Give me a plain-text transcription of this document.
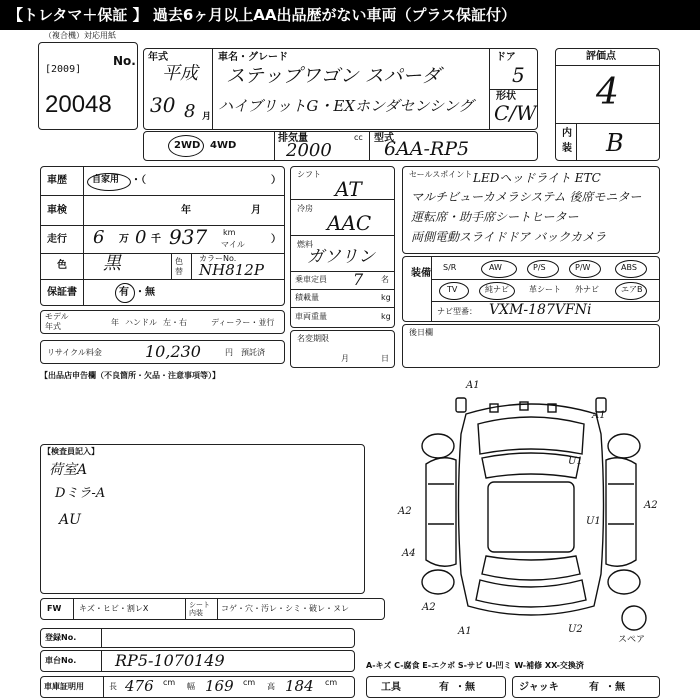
【トレタマ＋保証 】 過去6ヶ月以上AA出品歴がない車両（プラス保証付）
（複合機）対応用紙
No.
[2009]
20048
年式
平成
30 8 月
車名・グレード
ステップワゴン スパーダ
ハイブリットG・EXホンダセンシング
ドア
5
形状
C/W
2WD 4WD
排気量
2000
cc 型式
6AA-RP5
評価点
4
内
装 B
車歴	自家用 ・（	）
車検	年	月
走行 6 万 0 千 937 km
マイル	）
色 黒	色替
カラーNo.
NH812P
保証書	有 ・無
モデル
年式	年 ハンドル 左・右	ディーラー・並行
シフト
AT
冷房
AAC
燃料
ガソリン
乗車定員 7 名
積載量	kg
車両重量	kg
名変期限
月	日
セールスポイント LEDヘッドライト ETC
マルチビューカメラシステム 後席モニター
運転席・助手席シートヒーター
両側電動スライドドア バックカメラ
装備
S/R	AW	P/S	P/W	ABS
TV	純ナビ	革シート 外ナビ	エアB
ナビ型番： VXM-187VFNi
後日欄
リサイクル料金	10,230	円 預託済
【出品店申告欄（不良箇所・欠品・注意事項等）】
【検査員記入】
荷室A
Dミラ-A
AU
A1
A2
A2
A4
U1
A2
A1	U2
A1
U1
スペア
FW キズ・ヒビ・割レX	シート内装	コゲ・穴・汚レ・シミ・破レ・ヌレ
登録No.
車台No. RP5-1070149
車庫証明用	長 476 cm 幅 169 cm 高 184 cm
A-キズ C-腐食 E-エクボ S-サビ U-凹ミ W-補修 XX-交換済
工具	有 ・無	ジャッキ	有 ・無
